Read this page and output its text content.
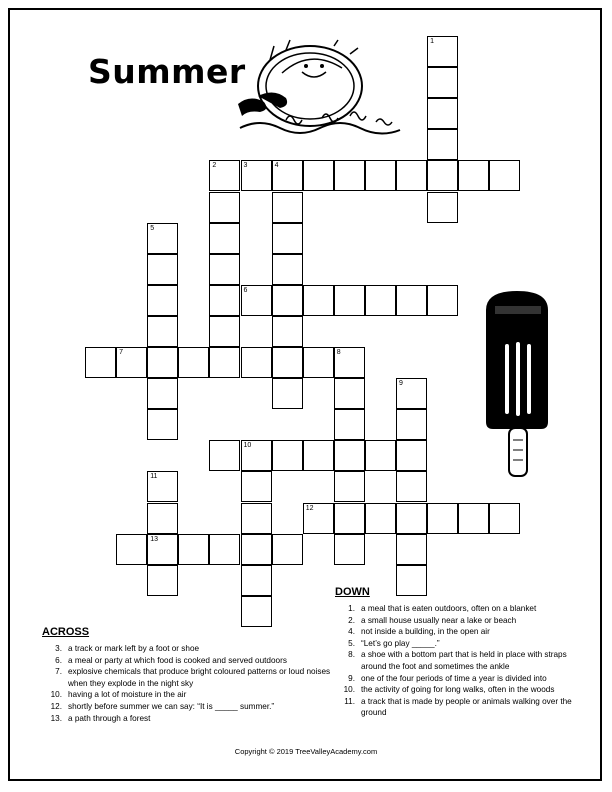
Summer
3	4
6
7
10
12
13
1
2
5
8
9
11
ACROSS
3. a track or mark left by a foot or shoe
6. a meal or party at which food is cooked and served outdoors
7. explosive chemicals that produce bright coloured patterns or loud noises when they explode in the night sky
10. having a lot of moisture in the air
12. shortly before summer we can say: “It is _____ summer.”
13. a path through a forest
DOWN
1. a meal that is eaten outdoors, often on a blanket
2. a small house usually near a lake or beach
4. not inside a building, in the open air
5. “Let’s go play _____.”
8. a shoe with a bottom part that is held in place with straps around the foot and sometimes the ankle
9. one of the four periods of time a year is divided into
10. the activity of going for long walks, often in the woods
11. a track that is made by people or animals walking over the ground
Copyright © 2019 TreeValleyAcademy.com
